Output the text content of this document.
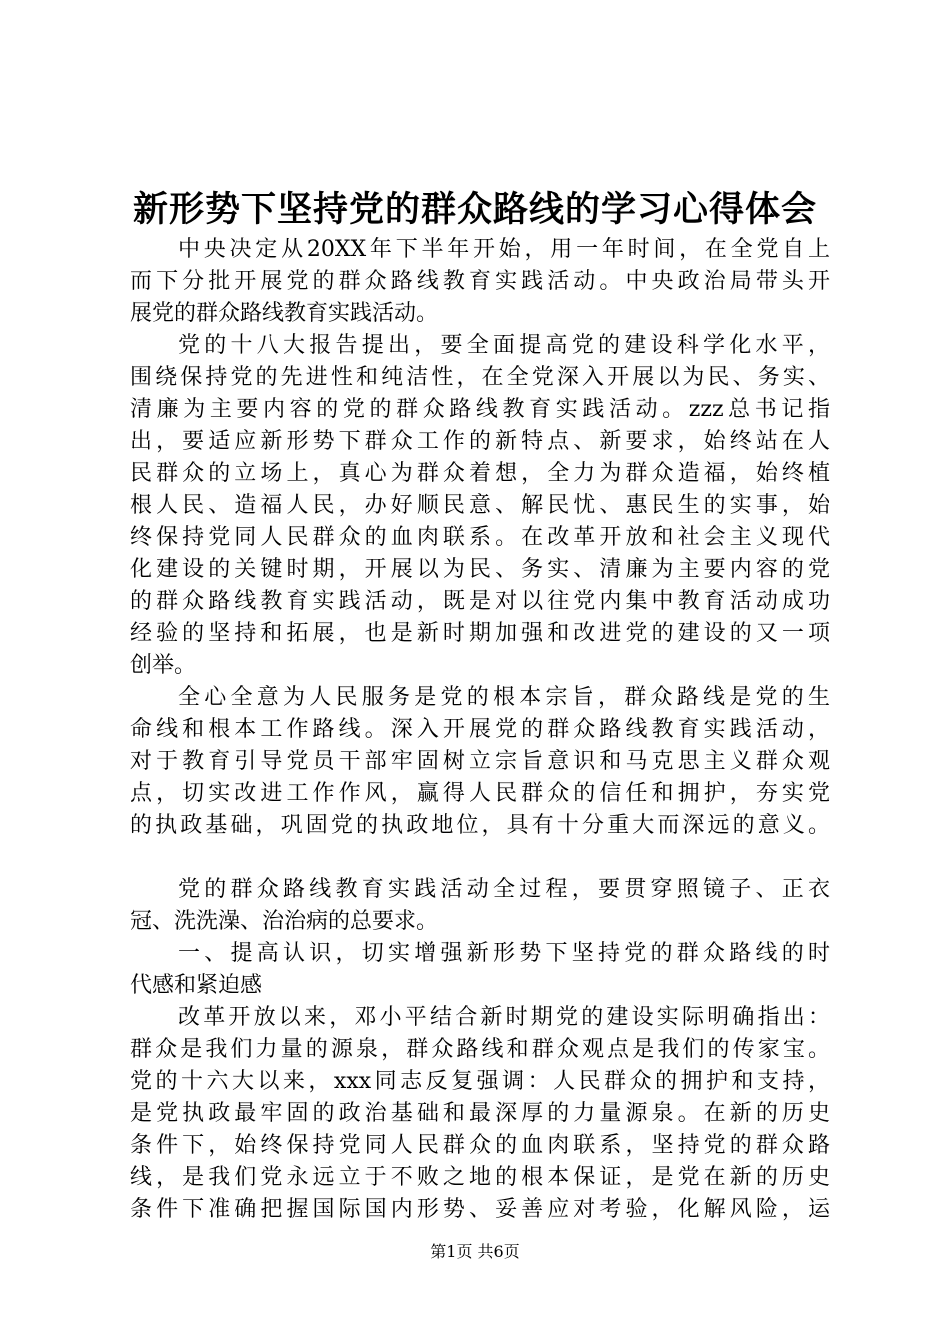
新形势下坚持党的群众路线的学习心得体会
中央决定从20XX年下半年开始，用一年时间，在全党自上
而下分批开展党的群众路线教育实践活动。中央政治局带头开
展党的群众路线教育实践活动。
党的十八大报告提出，要全面提高党的建设科学化水平，
围绕保持党的先进性和纯洁性，在全党深入开展以为民、务实、
清廉为主要内容的党的群众路线教育实践活动。zzz总书记指
出，要适应新形势下群众工作的新特点、新要求，始终站在人
民群众的立场上，真心为群众着想，全力为群众造福，始终植
根人民、造福人民，办好顺民意、解民忧、惠民生的实事，始
终保持党同人民群众的血肉联系。在改革开放和社会主义现代
化建设的关键时期，开展以为民、务实、清廉为主要内容的党
的群众路线教育实践活动，既是对以往党内集中教育活动成功
经验的坚持和拓展，也是新时期加强和改进党的建设的又一项
创举。
全心全意为人民服务是党的根本宗旨，群众路线是党的生
命线和根本工作路线。深入开展党的群众路线教育实践活动，
对于教育引导党员干部牢固树立宗旨意识和马克思主义群众观
点，切实改进工作作风，赢得人民群众的信任和拥护，夯实党
的执政基础，巩固党的执政地位，具有十分重大而深远的意义。
党的群众路线教育实践活动全过程，要贯穿照镜子、正衣
冠、洗洗澡、治治病的总要求。
一、提高认识，切实增强新形势下坚持党的群众路线的时
代感和紧迫感
改革开放以来，邓小平结合新时期党的建设实际明确指出：
群众是我们力量的源泉，群众路线和群众观点是我们的传家宝。
党的十六大以来，xxx同志反复强调：人民群众的拥护和支持，
是党执政最牢固的政治基础和最深厚的力量源泉。在新的历史
条件下，始终保持党同人民群众的血肉联系，坚持党的群众路
线，是我们党永远立于不败之地的根本保证，是党在新的历史
条件下准确把握国际国内形势、妥善应对考验，化解风险，运
第1页 共6页
